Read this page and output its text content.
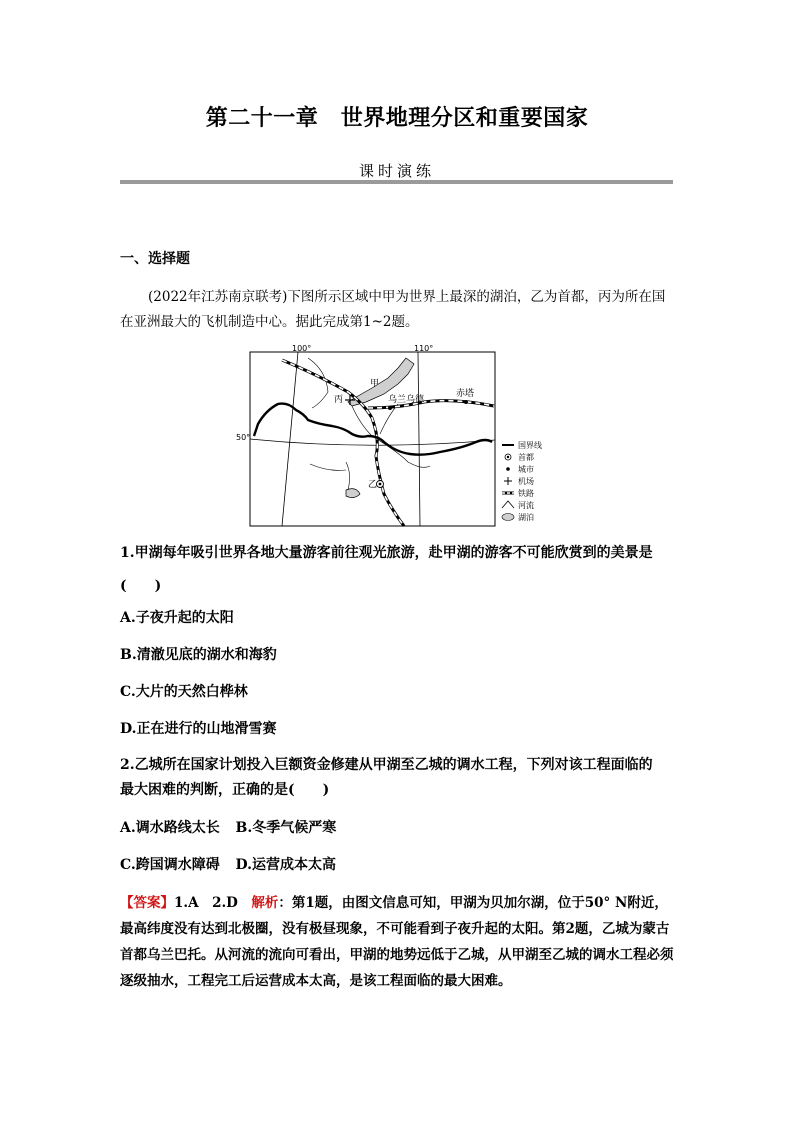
第二十一章　世界地理分区和重要国家
课时演练
一、选择题
(2022年江苏南京联考)下图所示区域中甲为世界上最深的湖泊，乙为首都，丙为所在国在亚洲最大的飞机制造中心。据此完成第1~2题。
100°	110°
50°
甲
丙	乌兰乌德
赤塔
乙
国界线
首都
城市
机场
铁路
河流
湖泊
1.甲湖每年吸引世界各地大量游客前往观光旅游，赴甲湖的游客不可能欣赏到的美景是
(　　)
A.子夜升起的太阳
B.清澈见底的湖水和海豹
C.大片的天然白桦林
D.正在进行的山地滑雪赛
2.乙城所在国家计划投入巨额资金修建从甲湖至乙城的调水工程，下列对该工程面临的
最大困难的判断，正确的是(　　)
A.调水路线太长 B.冬季气候严寒
C.跨国调水障碍 D.运营成本太高
【答案】1.A　2.D　 解析：第1题，由图文信息可知，甲湖为贝加尔湖，位于50° N附近，最高纬度没有达到北极圈，没有极昼现象，不可能看到子夜升起的太阳。第2题，乙城为蒙古首都乌兰巴托。从河流的流向可看出，甲湖的地势远低于乙城，从甲湖至乙城的调水工程必须逐级抽水，工程完工后运营成本太高，是该工程面临的最大困难。
